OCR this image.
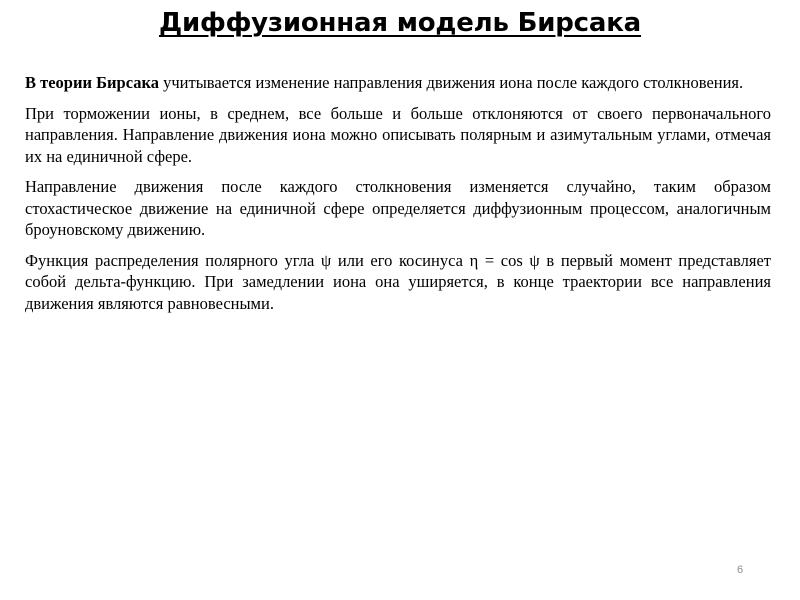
Диффузионная модель Бирсака

В теории Бирсака учитывается изменение направления движения иона после каждого столкновения.

При торможении ионы, в среднем, все больше и больше отклоняются от своего первоначального направления. Направление движения иона можно описывать полярным и азимутальным углами, отмечая их на единичной сфере.

Направление движения после каждого столкновения изменяется случайно, таким образом стохастическое движение на единичной сфере определяется диффузионным процессом, аналогичным броуновскому движению.

Функция распределения полярного угла ψ или его косинуса η = cos ψ в первый момент представляет собой дельта-функцию. При замедлении иона она уширяется, в конце траектории все направления движения являются равновесными.

6
